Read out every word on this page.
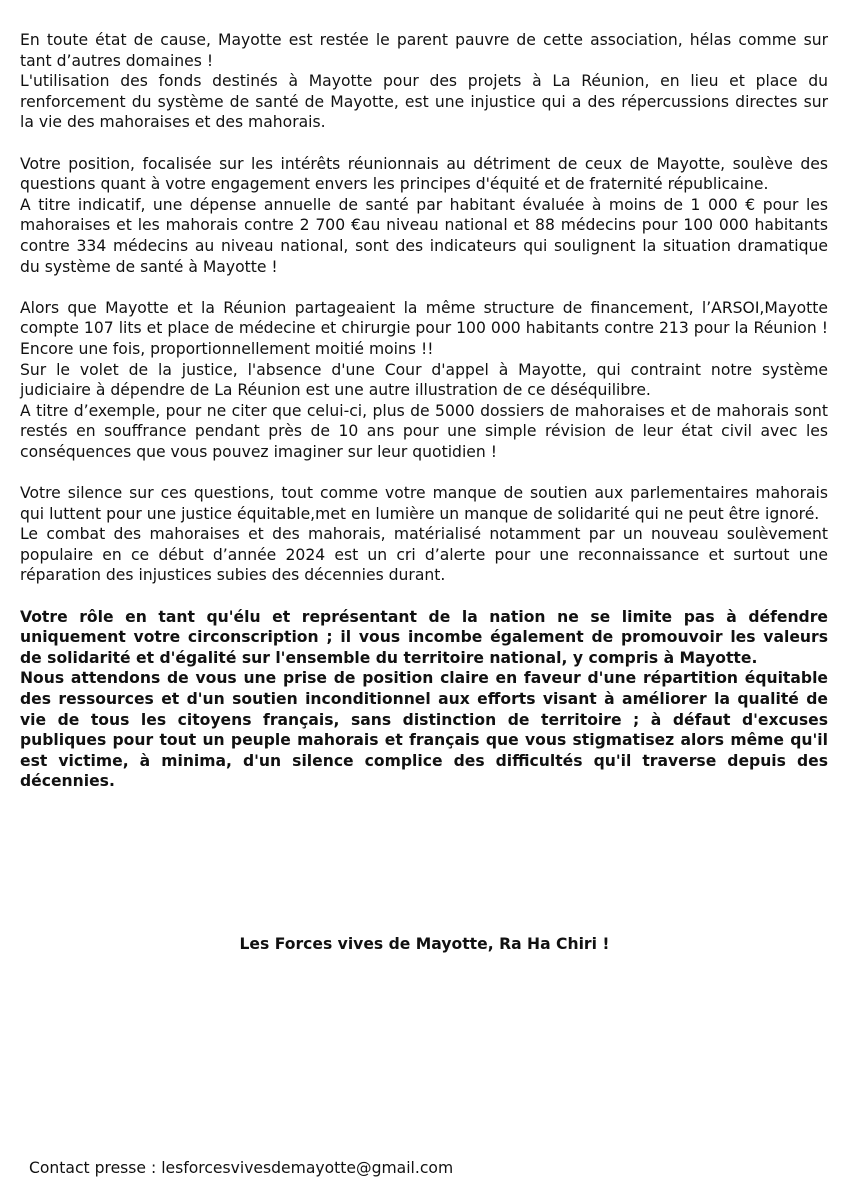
En toute état de cause, Mayotte est restée le parent pauvre de cette association, hélas comme sur tant d’autres domaines !

L'utilisation des fonds destinés à Mayotte pour des projets à La Réunion, en lieu et place du renforcement du système de santé de Mayotte, est une injustice qui a des répercussions directes sur la vie des mahoraises et des mahorais.

Votre position, focalisée sur les intérêts réunionnais au détriment de ceux de Mayotte, soulève des questions quant à votre engagement envers les principes d'équité et de fraternité républicaine.

A titre indicatif, une dépense annuelle de santé par habitant évaluée à moins de 1 000 € pour les mahoraises et les mahorais contre 2 700 €au niveau national et 88 médecins pour 100 000 habitants contre 334 médecins au niveau national, sont des indicateurs qui soulignent la situation dramatique du système de santé à Mayotte !

Alors que Mayotte et la Réunion partageaient la même structure de financement, l’ARSOI,Mayotte compte 107 lits et place de médecine et chirurgie pour 100 000 habitants contre 213 pour la Réunion ! Encore une fois, proportionnellement moitié moins !!

Sur le volet de la justice, l'absence d'une Cour d'appel à Mayotte, qui contraint notre système judiciaire à dépendre de La Réunion est une autre illustration de ce déséquilibre.

A titre d’exemple, pour ne citer que celui-ci, plus de 5000 dossiers de mahoraises et de mahorais sont restés en souffrance pendant près de 10 ans pour une simple révision de leur état civil avec les conséquences que vous pouvez imaginer sur leur quotidien !

Votre silence sur ces questions, tout comme votre manque de soutien aux parlementaires mahorais qui luttent pour une justice équitable,met en lumière un manque de solidarité qui ne peut être ignoré.

Le combat des mahoraises et des mahorais, matérialisé notamment par un nouveau soulèvement populaire en ce début d’année 2024 est un cri d’alerte pour une reconnaissance et surtout une réparation des injustices subies des décennies durant.

Votre rôle en tant qu'élu et représentant de la nation ne se limite pas à défendre uniquement votre circonscription ; il vous incombe également de promouvoir les valeurs de solidarité et d'égalité sur l'ensemble du territoire national, y compris à Mayotte.

Nous attendons de vous une prise de position claire en faveur d'une répartition équitable des ressources et d'un soutien inconditionnel aux efforts visant à améliorer la qualité de vie de tous les citoyens français, sans distinction de territoire ; à défaut d'excuses publiques pour tout un peuple mahorais et français que vous stigmatisez alors même qu'il est victime, à minima, d'un silence complice des difficultés qu'il traverse depuis des décennies.

Les Forces vives de Mayotte, Ra Ha Chiri !
Contact presse : lesforcesvivesdemayotte@gmail.com
